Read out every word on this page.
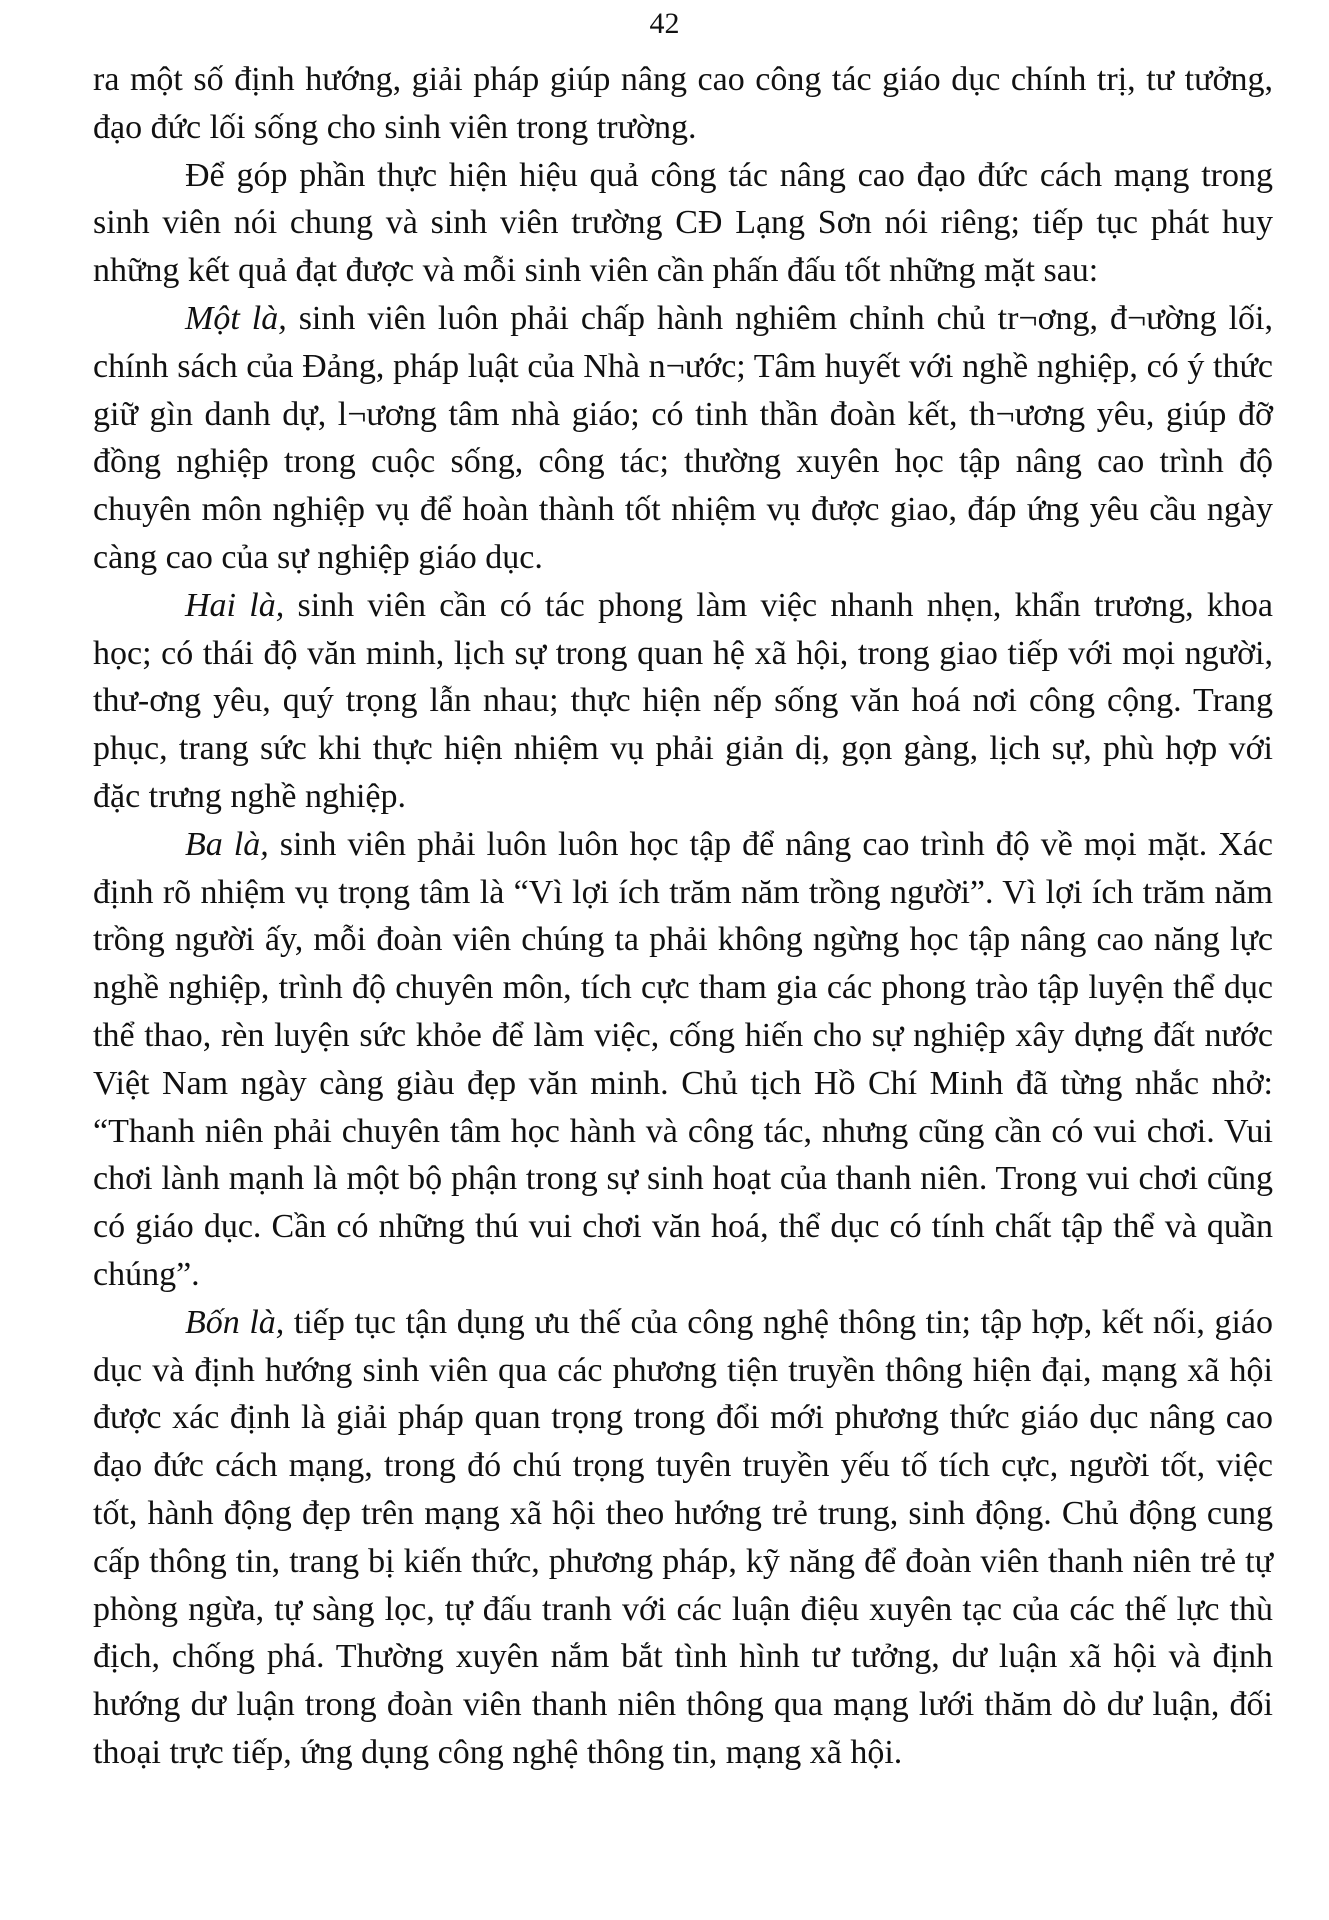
42

ra một số định hướng, giải pháp giúp nâng cao công tác giáo dục chính trị, tư tưởng, đạo đức lối sống cho sinh viên trong trường.

Để góp phần thực hiện hiệu quả công tác nâng cao đạo đức cách mạng trong sinh viên nói chung và sinh viên trường CĐ Lạng Sơn nói riêng; tiếp tục phát huy những kết quả đạt được và mỗi sinh viên cần phấn đấu tốt những mặt sau:

Một là, sinh viên luôn phải chấp hành nghiêm chỉnh chủ tr¬ơng, đ¬ường lối, chính sách của Đảng, pháp luật của Nhà n¬ước; Tâm huyết với nghề nghiệp, có ý thức giữ gìn danh dự, l¬ương tâm nhà giáo; có tinh thần đoàn kết, th¬ương yêu, giúp đỡ đồng nghiệp trong cuộc sống, công tác; thường xuyên học tập nâng cao trình độ chuyên môn nghiệp vụ để hoàn thành tốt nhiệm vụ được giao, đáp ứng yêu cầu ngày càng cao của sự nghiệp giáo dục.

Hai là, sinh viên cần có tác phong làm việc nhanh nhẹn, khẩn trương, khoa học; có thái độ văn minh, lịch sự trong quan hệ xã hội, trong giao tiếp với mọi người, thư-ơng yêu, quý trọng lẫn nhau; thực hiện nếp sống văn hoá nơi công cộng. Trang phục, trang sức khi thực hiện nhiệm vụ phải giản dị, gọn gàng, lịch sự, phù hợp với đặc trưng nghề nghiệp.

Ba là, sinh viên phải luôn luôn học tập để nâng cao trình độ về mọi mặt. Xác định rõ nhiệm vụ trọng tâm là “Vì lợi ích trăm năm trồng người”. Vì lợi ích trăm năm trồng người ấy, mỗi đoàn viên chúng ta phải không ngừng học tập nâng cao năng lực nghề nghiệp, trình độ chuyên môn, tích cực tham gia các phong trào tập luyện thể dục thể thao, rèn luyện sức khỏe để làm việc, cống hiến cho sự nghiệp xây dựng đất nước Việt Nam ngày càng giàu đẹp văn minh. Chủ tịch Hồ Chí Minh đã từng nhắc nhở: “Thanh niên phải chuyên tâm học hành và công tác, nhưng cũng cần có vui chơi. Vui chơi lành mạnh là một bộ phận trong sự sinh hoạt của thanh niên. Trong vui chơi cũng có giáo dục. Cần có những thú vui chơi văn hoá, thể dục có tính chất tập thể và quần chúng”.

Bốn là, tiếp tục tận dụng ưu thế của công nghệ thông tin; tập hợp, kết nối, giáo dục và định hướng sinh viên qua các phương tiện truyền thông hiện đại, mạng xã hội được xác định là giải pháp quan trọng trong đổi mới phương thức giáo dục nâng cao đạo đức cách mạng, trong đó chú trọng tuyên truyền yếu tố tích cực, người tốt, việc tốt, hành động đẹp trên mạng xã hội theo hướng trẻ trung, sinh động. Chủ động cung cấp thông tin, trang bị kiến thức, phương pháp, kỹ năng để đoàn viên thanh niên trẻ tự phòng ngừa, tự sàng lọc, tự đấu tranh với các luận điệu xuyên tạc của các thế lực thù địch, chống phá. Thường xuyên nắm bắt tình hình tư tưởng, dư luận xã hội và định hướng dư luận trong đoàn viên thanh niên thông qua mạng lưới thăm dò dư luận, đối thoại trực tiếp, ứng dụng công nghệ thông tin, mạng xã hội.
